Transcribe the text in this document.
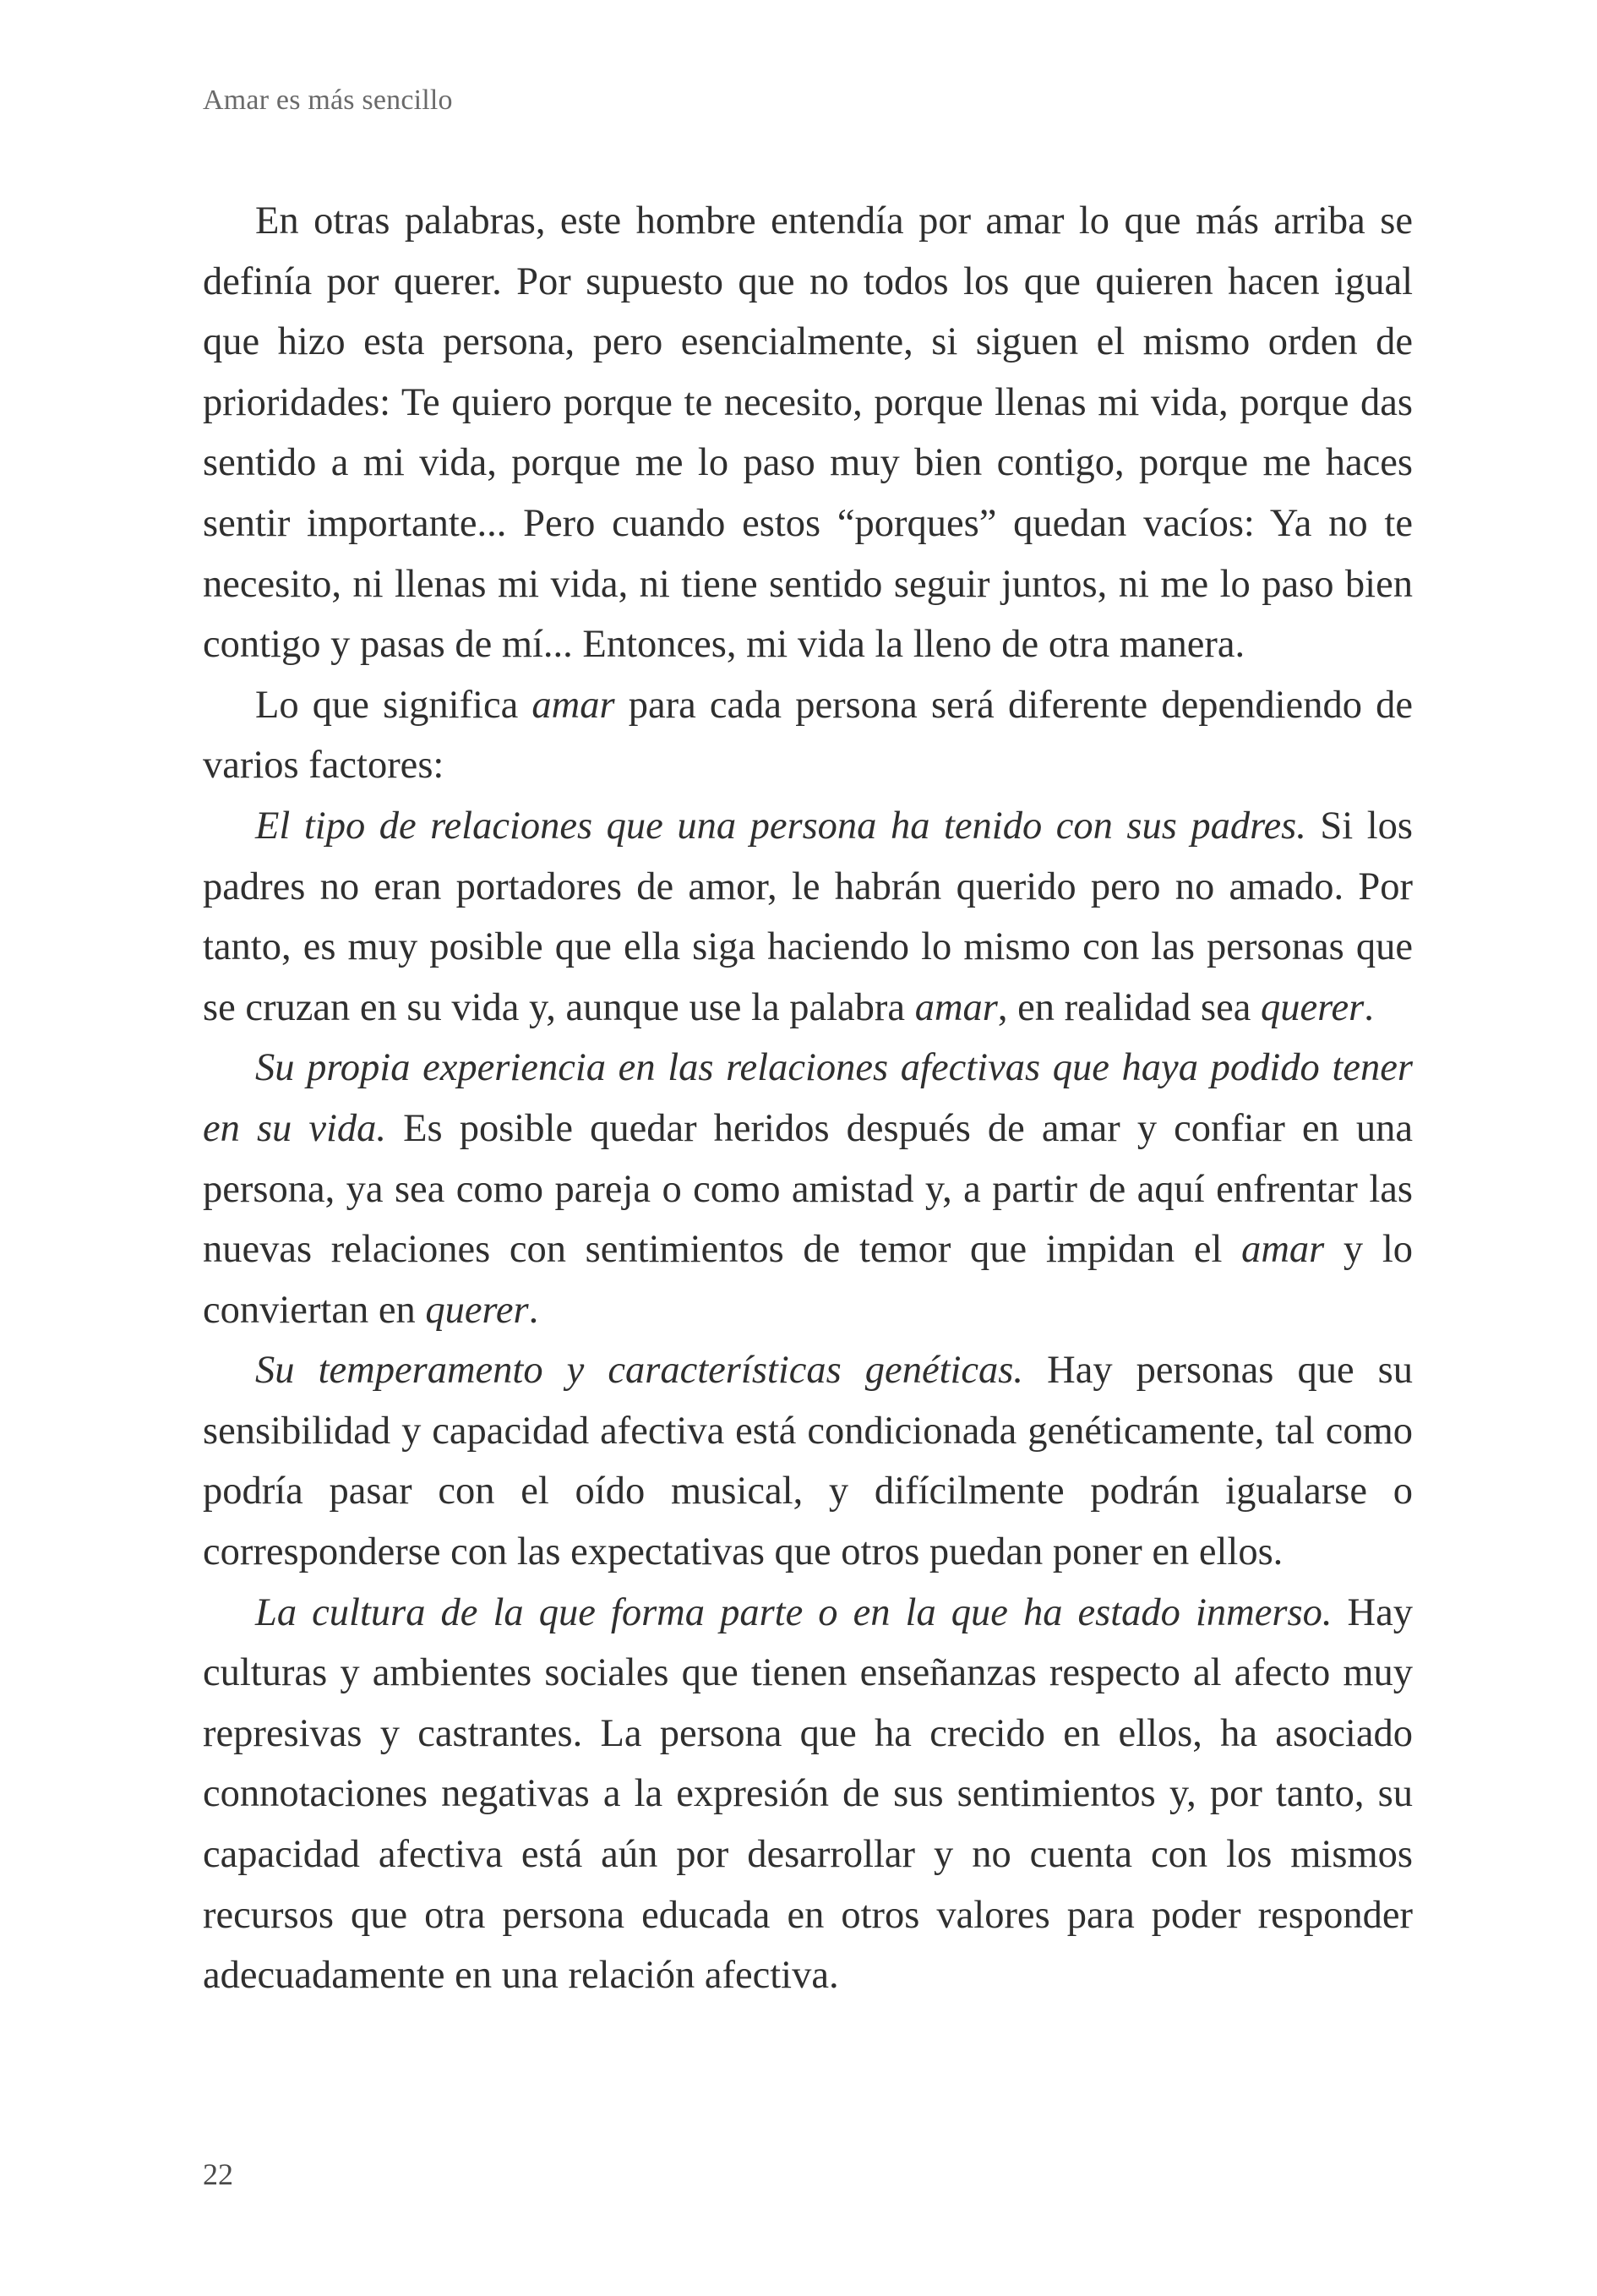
Amar es más sencillo

En otras palabras, este hombre entendía por amar lo que más arriba se definía por querer. Por supuesto que no todos los que quieren hacen igual que hizo esta persona, pero esencialmente, si siguen el mismo orden de prioridades: Te quiero porque te necesito, porque llenas mi vida, porque das sentido a mi vida, porque me lo paso muy bien contigo, porque me haces sentir importante... Pero cuando estos “porques” quedan vacíos: Ya no te necesito, ni llenas mi vida, ni tiene sentido seguir juntos, ni me lo paso bien contigo y pasas de mí... Entonces, mi vida la lleno de otra manera.

Lo que significa amar para cada persona será diferente dependiendo de varios factores:

El tipo de relaciones que una persona ha tenido con sus padres. Si los padres no eran portadores de amor, le habrán querido pero no amado. Por tanto, es muy posible que ella siga haciendo lo mismo con las personas que se cruzan en su vida y, aunque use la palabra amar, en realidad sea querer.

Su propia experiencia en las relaciones afectivas que haya podido tener en su vida. Es posible quedar heridos después de amar y confiar en una persona, ya sea como pareja o como amistad y, a partir de aquí enfrentar las nuevas relaciones con sentimientos de temor que impidan el amar y lo conviertan en querer.

Su temperamento y características genéticas. Hay personas que su sensibilidad y capacidad afectiva está condicionada genéticamente, tal como podría pasar con el oído musical, y difícilmente podrán igualarse o corresponderse con las expectativas que otros puedan poner en ellos.

La cultura de la que forma parte o en la que ha estado inmerso. Hay culturas y ambientes sociales que tienen enseñanzas respecto al afecto muy represivas y castrantes. La persona que ha crecido en ellos, ha asociado connotaciones negativas a la expresión de sus sentimientos y, por tanto, su capacidad afectiva está aún por desarrollar y no cuenta con los mismos recursos que otra persona educada en otros valores para poder responder adecuadamente en una relación afectiva.

22
